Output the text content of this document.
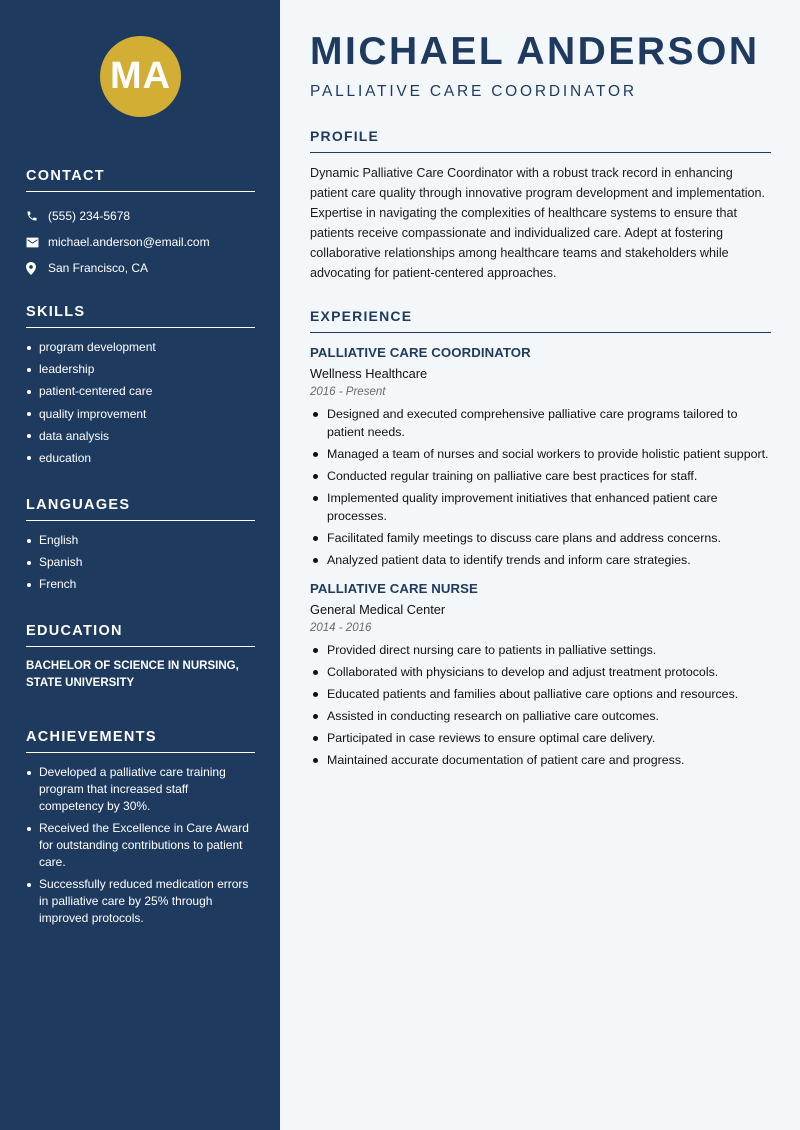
MA
CONTACT
(555) 234-5678
michael.anderson@email.com
San Francisco, CA
SKILLS
program development
leadership
patient-centered care
quality improvement
data analysis
education
LANGUAGES
English
Spanish
French
EDUCATION
BACHELOR OF SCIENCE IN NURSING, STATE UNIVERSITY
ACHIEVEMENTS
Developed a palliative care training program that increased staff competency by 30%.
Received the Excellence in Care Award for outstanding contributions to patient care.
Successfully reduced medication errors in palliative care by 25% through improved protocols.
MICHAEL ANDERSON
PALLIATIVE CARE COORDINATOR
PROFILE
Dynamic Palliative Care Coordinator with a robust track record in enhancing patient care quality through innovative program development and implementation. Expertise in navigating the complexities of healthcare systems to ensure that patients receive compassionate and individualized care. Adept at fostering collaborative relationships among healthcare teams and stakeholders while advocating for patient-centered approaches.
EXPERIENCE
PALLIATIVE CARE COORDINATOR
Wellness Healthcare
2016 - Present
Designed and executed comprehensive palliative care programs tailored to patient needs.
Managed a team of nurses and social workers to provide holistic patient support.
Conducted regular training on palliative care best practices for staff.
Implemented quality improvement initiatives that enhanced patient care processes.
Facilitated family meetings to discuss care plans and address concerns.
Analyzed patient data to identify trends and inform care strategies.
PALLIATIVE CARE NURSE
General Medical Center
2014 - 2016
Provided direct nursing care to patients in palliative settings.
Collaborated with physicians to develop and adjust treatment protocols.
Educated patients and families about palliative care options and resources.
Assisted in conducting research on palliative care outcomes.
Participated in case reviews to ensure optimal care delivery.
Maintained accurate documentation of patient care and progress.
